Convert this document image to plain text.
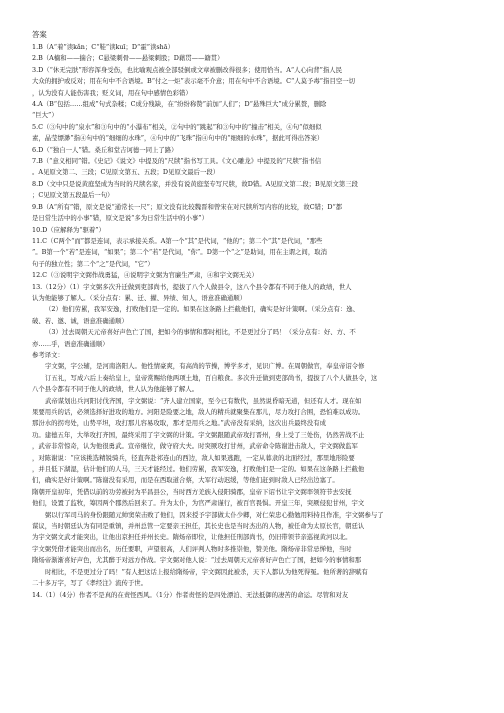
答案

1.B（A“着”读kǎn；C“鞋”读kuī；D“霍”读shā）

2.B（A楠和——揣合；C悬梁刺骨——悬梁刺股；D藉贯——籍贯）

3.D（“休无完肤”形容浑身受伤，也比喻观点被全部驳倒或文章被删改得很多；使用恰当。A“人心向背”指人民

大众的拥护或反对；用在句中不合语境。B“付之一炬”表示毫不介意；用在句中不合语境。C“人莫予毒”指目空一切

，认为没有人能伤害我；贬义词，用在句中感情色彩错）

4.A（B“包括……组成”句式杂糅；C成分残缺，在“纷纷称赞”前加“人们”；D“悬殊巨大”成分累赘，删除

“巨大”）

5.C（③句中的“泉水”和③句中的“小瀑布”相关，②句中的“跳起”和③句中的“撞击”相关，④句“似细似

素，晶莹缥渺”指④句中的“细细的水珠”，④句中的“飞珠”指④句中的“细细的水珠”，据此可得出答案）

6.D（“独自一人”错。桑丘和堂吉诃德一同上了路）

7.B（“意义相同”错。《史记》《说文》中提及的“尺牍”指书写工具。《文心雕龙》中提及的“尺牍”指书信

。A见原文第二、三段；C见原文第五、五段；D见原文最后一段）

8.D（文中只是说黄庭坚成为当时的尺牍名家，并没有说黄庭坚专写尺牍，故D错。A见原文第二段；B见原文第三段

；C见原文第五段最后一句）

9.B（A“所有”错，原文是说“通常长一尺”；原文没有比较魏晋和曾宋在对尺牍所写内容的比较，故C错；D“都

是日常生活中的小事”错，原文是说“多为日常生活中的小事”）

10.D（应解释为“驱着”）

11.C（C两个“而”都是连词，表示承接关系。A第一个“其”是代词，“他的”；第二个“其”是代词，“那些

”。B第一个“若”是连词，“如果”；第二个“若”是代词，“你”。D第一个“之”是助词，用在主谓之间，取消

句子的独立性；第二个“之”是代词，“它”）

12.C（③说明宇文弼作战勇猛，④说明宇文弼为官廉生严肃，④和宇文弼无关）

13.（12分）（1）宇文弼多次升迁做到吏部尚书，提拔了八个人做县令，这八个县令都有不同于他人的政绩，世人

认为他能够了解人。（采分点有：累、迁、擢、异绩、知人，语意准确通顺）

（2）他们劳累，我军安逸，打败他们是一定的。如果在这条路上拦截他们，确实是好计策啊。（采分点有：逸、

破、若、邀、诚，语意准确通顺）

（3）过去周朝天元帝喜好声色亡了国，把如今的事情和那时相比，不是更过分了吗！（采分点有：好、方、不

亦……乎，语意准确通顺）

参考译文：

宇文弼，字公辅，是河南洛阳人。他性情豪爽，有高尚的节操，博学多才，见识广博。在周朝做官，奉皇帝诏令修

订五礼，写成六后上奏给皇上，皇帝赏赐给他两项土地，百自粮食。多次升迁做到吏部尚书，提拔了八个人做县令，这

八个县令都有不同于他人的政绩，世人认为他能够了解人。

武帝谋划出兵河阳讨伐齐国，宇文弼说：“齐人建立国家，至今已有数代，虽然说昏暗无道，但还有人才。现在如

果要用兵的话，必须选择好进攻的地方。河阳是险要之地，敌人的精兵就聚集在那儿，尽力攻打合围，恐怕难以成功。

那汾水的拐弯处，山势平坦，攻打那儿容易攻取，那才是用兵之地。”武帝没有采纳，这次出兵最终没有成

功。建德五年，大举攻打齐国，最终采用了宇文弼的计策。宇文弼跟随武帝攻打晋州，身上受了三处伤，仍然苦战不止

，武帝非常惊奇，认为他很勇武。宣帝继位，做守府大夫。时突厥攻打甘州，武帝命令陈谢进击敌人，宇文弼做监军

，对陈谢说：“应该挑选精锐骑兵，径直奔赴祁连山的西边，敌人如果逃跑，一定从暮隶的北面经过，那里地形险要

，并且低下湖湿，估计他们的人马，三天才能经过。他们劳累，我军安逸，打败他们是一定的。如果在这条路上拦截他

们，确实是好计策啊。”陈谢没有采用，而是在西取道合蔡，大军行动迟缓，等他们赶到时敌人已经出边塞了。

隋朝开皇初年，凭借以前的功劳被封为平昌县公，当时西方羌族入侵阳骑郡，皇帝下诏书让宇文弼率领符节去安抚

他们，设置了监牧，筹因两个郡然后回来了。升为太仆，为官严肃谨行，被百官畏惧。开皇三年，突厥侵犯甘州，宇文

弼以行军司马的身份跟随元帅窦荣击败了他们，因来授予宇部做太仆少卿，对仁荣忠心勤勉用料持且作准，宇文弼参与了

谋议，当时朝廷认为有同是重镇，并州总管一定要亲王担任，其长史也是当时杰出的人物，被任命为太原长官，朝廷认

为宇文弼文武才能突出，让他出京担任并州长史。隋炀帝即位，让他担任刑部尚书，仍旧带领节亲巡视黄河以北。

宇文弼凭借才能突出而出名，历任要职，声望很高，人们评判人物时多推崇他，赞美他。隋炀帝非常忌惮他，当时

隋炀帝渐渐喜好声色，尤其醉于对远方作战。宇文弼对他人说：“过去周朝天元帝喜好声色亡了国，把如今的事情和那

时相比，不是更过分了吗！”有人把这话上报给隋炀帝，宇文弼因此被杀，天下人都认为他死得冤。他所著的辞赋有

二十多万字，写了《孝经注》流传于世。

14.（1）（4分）作者不是真的在责怪西风。（1分）作者责怪的是四处漂泊、无法抵御的凄苦的命运。尽管和对友
